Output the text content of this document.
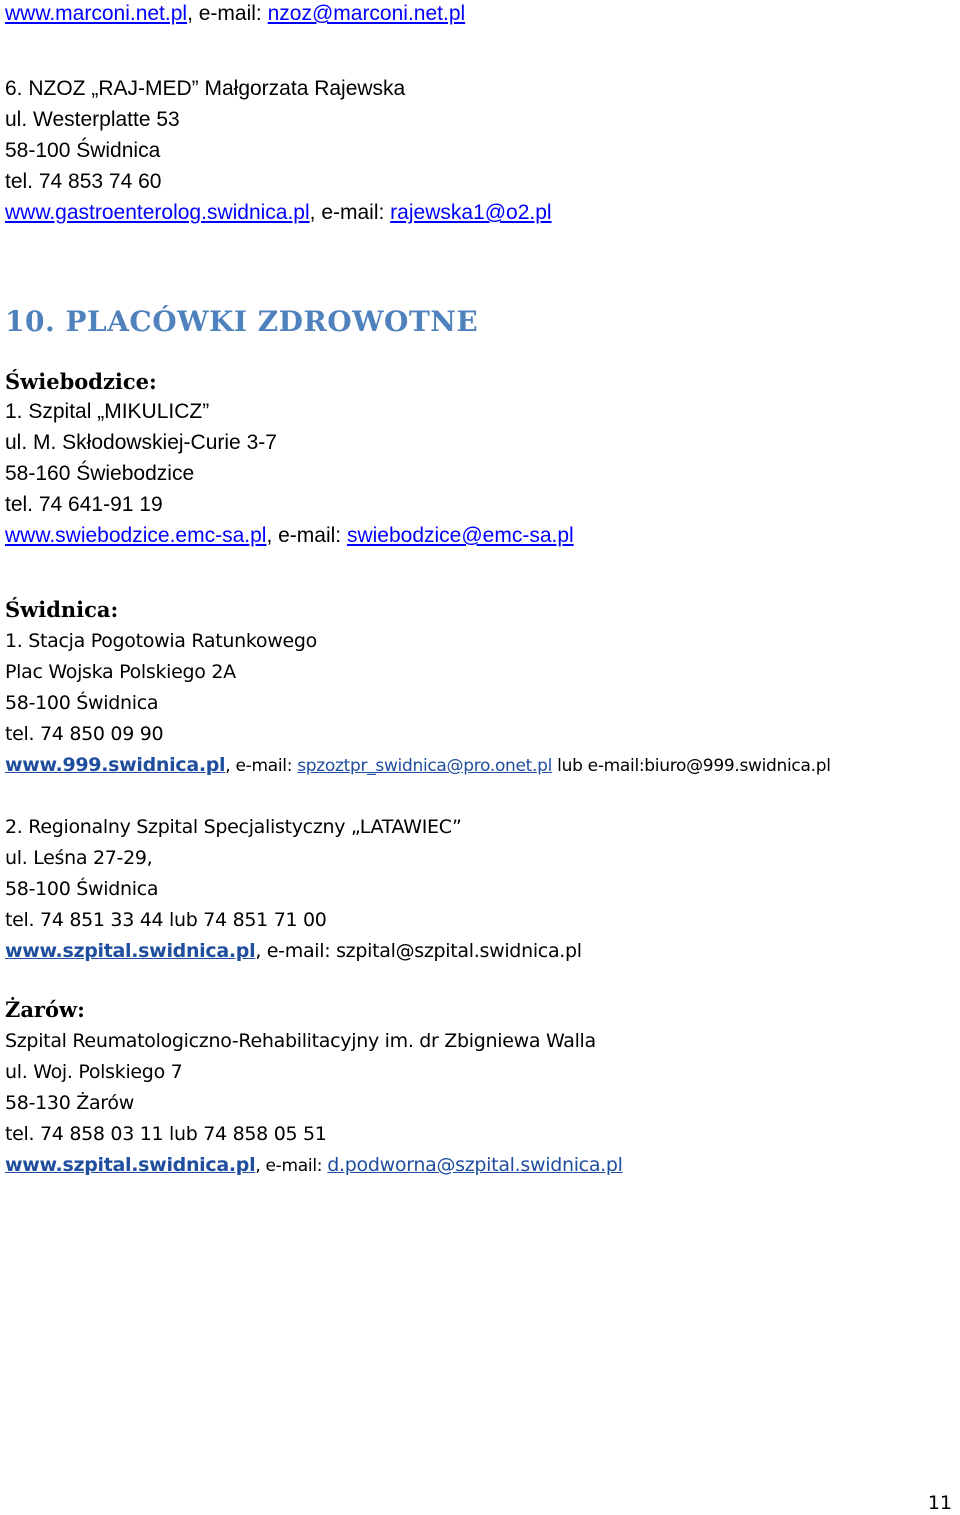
www.marconi.net.pl, e-mail: nzoz@marconi.net.pl
6. NZOZ „RAJ-MED” Małgorzata Rajewska
ul. Westerplatte 53
58-100 Świdnica
tel. 74 853 74 60
www.gastroenterolog.swidnica.pl, e-mail: rajewska1@o2.pl
10. PLACÓWKI ZDROWOTNE
Świebodzice:
1. Szpital „MIKULICZ”
ul. M. Skłodowskiej-Curie 3-7
58-160 Świebodzice
tel. 74 641-91 19
www.swiebodzice.emc-sa.pl, e-mail: swiebodzice@emc-sa.pl
Świdnica:
1. Stacja Pogotowia Ratunkowego
Plac Wojska Polskiego 2A
58-100 Świdnica
tel. 74 850 09 90
www.999.swidnica.pl, e-mail: spzoztpr_swidnica@pro.onet.pl lub e-mail:biuro@999.swidnica.pl
2. Regionalny Szpital Specjalistyczny „LATAWIEC”
ul. Leśna 27-29,
58-100 Świdnica
tel. 74 851 33 44 lub 74 851 71 00
www.szpital.swidnica.pl, e-mail: szpital@szpital.swidnica.pl
Żarów:
Szpital Reumatologiczno-Rehabilitacyjny im. dr Zbigniewa Walla
ul. Woj. Polskiego 7
58-130 Żarów
tel. 74 858 03 11 lub 74 858 05 51
www.szpital.swidnica.pl, e-mail: d.podworna@szpital.swidnica.pl
11
